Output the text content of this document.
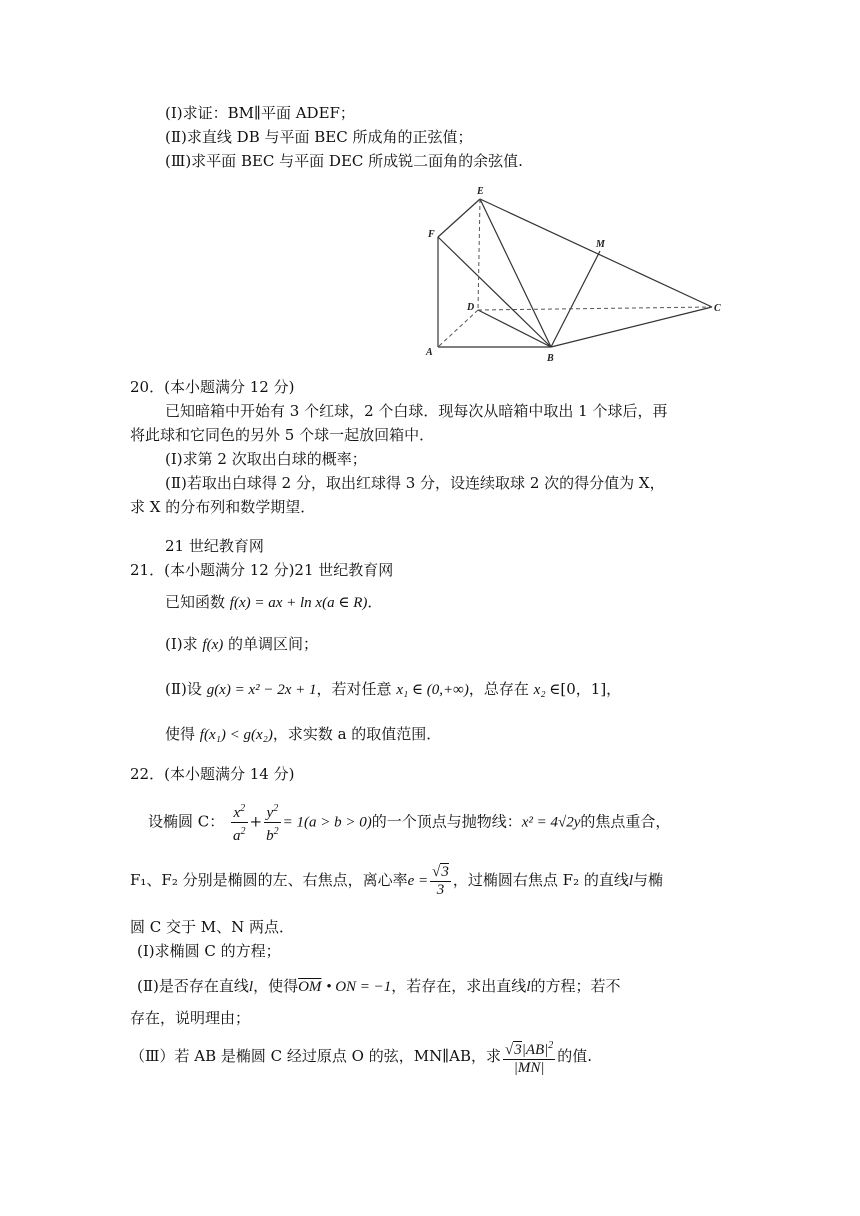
(I)求证：BM∥平面 ADEF；
(Ⅱ)求直线 DB 与平面 BEC 所成角的正弦值；
(Ⅲ)求平面 BEC 与平面 DEC 所成锐二面角的余弦值.
E
F
M
D	C
A
B
20．(本小题满分 12 分)
已知暗箱中开始有 3 个红球，2 个白球．现每次从暗箱中取出 1 个球后，再
将此球和它同色的另外 5 个球一起放回箱中．
(I)求第 2 次取出白球的概率；
(Ⅱ)若取出白球得 2 分，取出红球得 3 分，设连续取球 2 次的得分值为 X，
求 X 的分布列和数学期望．
21 世纪教育网
21．(本小题满分 12 分)21 世纪教育网
已知函数 f(x) = ax + ln x(a ∈ R)．
(I)求 f(x) 的单调区间；
(Ⅱ)设 g(x) = x² − 2x + 1，若对任意 x₁ ∈ (0,+∞)，总存在 x₂ ∈[0，1]，
使得 f(x₁) < g(x₂)，求实数 a 的取值范围．
22．(本小题满分 14 分)
设椭圆 C： $\frac{x^2}{a^2} + \frac{y^2}{b^2} = 1(a > b > 0)$的一个顶点与抛物线：x² = 4√2y的焦点重合，
F₁、F₂ 分别是椭圆的左、右焦点，离心率$e = \frac{√3}{3}$ ，过椭圆右焦点 F₂ 的直线l与椭
圆 C 交于 M、N 两点．
(I)求椭圆 C 的方程；
(Ⅱ)是否存在直线l，使得$\overline{OM}$ • ON = −1，若存在，求出直线l的方程；若不
存在，说明理由；
（Ⅲ）若 AB 是椭圆 C 经过原点 O 的弦，MN∥AB，求 $\frac{√3|AB|^2}{|MN|}$ 的值.
